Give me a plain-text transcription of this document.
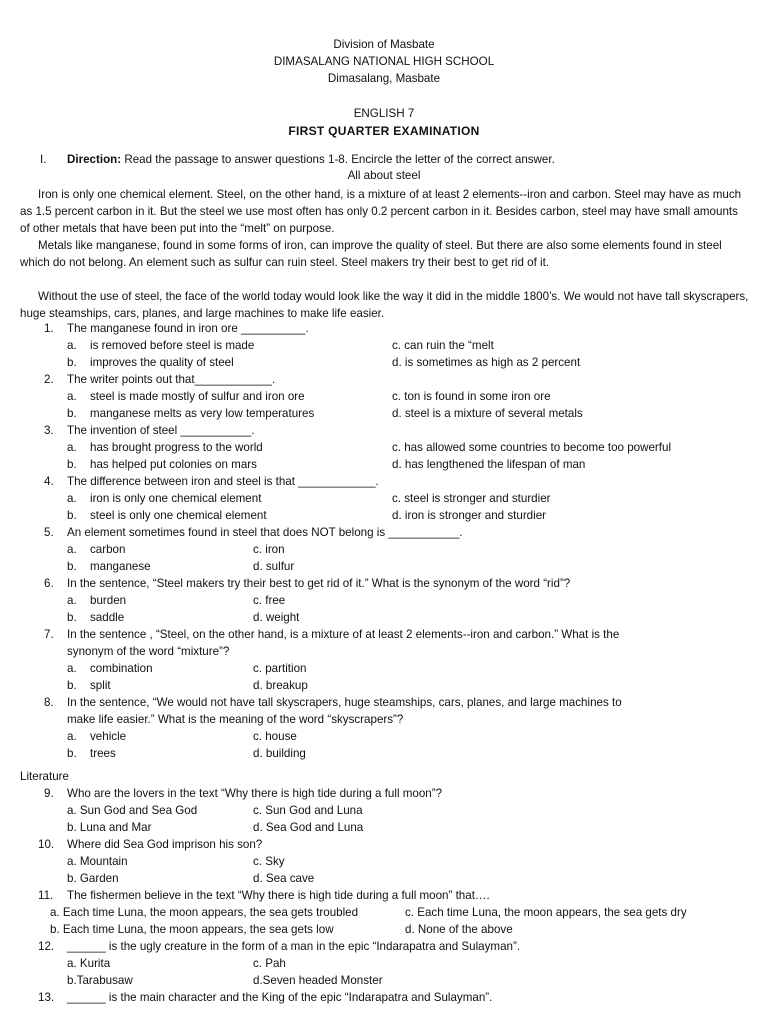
Division of Masbate
DIMASALANG NATIONAL HIGH SCHOOL
Dimasalang, Masbate
ENGLISH 7
FIRST QUARTER EXAMINATION
I. Direction: Read the passage to answer questions 1-8. Encircle the letter of the correct answer.
All about steel
Iron is only one chemical element. Steel, on the other hand, is a mixture of at least 2 elements--iron and carbon. Steel may have as much as 1.5 percent carbon in it. But the steel we use most often has only 0.2 percent carbon in it. Besides carbon, steel may have small amounts of other metals that have been put into the “melt” on purpose.
Metals like manganese, found in some forms of iron, can improve the quality of steel. But there are also some elements found in steel which do not belong. An element such as sulfur can ruin steel. Steel makers try their best to get rid of it.
Without the use of steel, the face of the world today would look like the way it did in the middle 1800’s. We would not have tall skyscrapers, huge steamships, cars, planes, and large machines to make life easier.
1. The manganese found in iron ore __________.
a. is removed before steel is made	c. can ruin the “melt
b. improves the quality of steel	d. is sometimes as high as 2 percent
2. The writer points out that____________.
a. steel is made mostly of sulfur and iron ore	c. ton is found in some iron ore
b. manganese melts as very low temperatures	d. steel is a mixture of several metals
3. The invention of steel ___________.
a. has brought progress to the world	c. has allowed some countries to become too powerful
b. has helped put colonies on mars	d. has lengthened the lifespan of man
4. The difference between iron and steel is that ____________.
a. iron is only one chemical element	c. steel is stronger and sturdier
b. steel is only one chemical element	d. iron is stronger and sturdier
5. An element sometimes found in steel that does NOT belong is ___________.
a. carbon	c. iron
b. manganese	d. sulfur
6. In the sentence, “Steel makers try their best to get rid of it.” What is the synonym of the word “rid”?
a. burden	c. free
b. saddle	d. weight
7. In the sentence , “Steel, on the other hand, is a mixture of at least 2 elements--iron and carbon.” What is the
synonym of the word “mixture”?
a. combination	c. partition
b. split	d. breakup
8. In the sentence, “We would not have tall skyscrapers, huge steamships, cars, planes, and large machines to
make life easier.” What is the meaning of the word “skyscrapers”?
a. vehicle	c. house
b. trees	d. building
Literature
9. Who are the lovers in the text “Why there is high tide during a full moon”?
a. Sun God and Sea God	c. Sun God and Luna
b. Luna and Mar	d. Sea God and Luna
10. Where did Sea God imprison his son?
a. Mountain	c. Sky
b. Garden	d. Sea cave
11. The fishermen believe in the text “Why there is high tide during a full moon” that….
a. Each time Luna, the moon appears, the sea gets troubled	c. Each time Luna, the moon appears, the sea gets dry
b. Each time Luna, the moon appears, the sea gets low	d. None of the above
12. ______ is the ugly creature in the form of a man in the epic “Indarapatra and Sulayman”.
a. Kurita	c. Pah
b.Tarabusaw	d.Seven headed Monster
13. ______ is the main character and the King of the epic “Indarapatra and Sulayman”.
